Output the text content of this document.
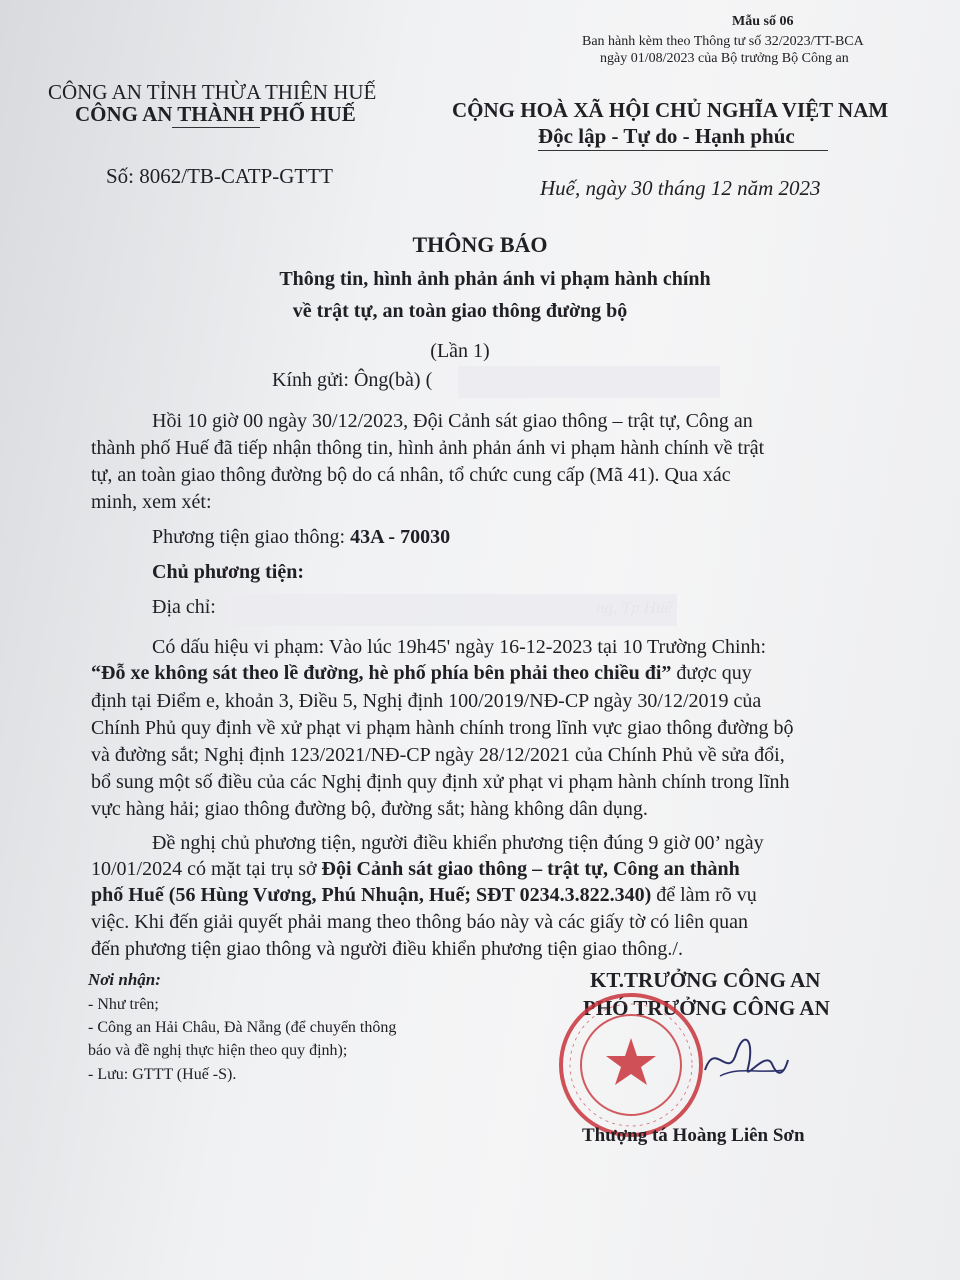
Mẫu số 06
Ban hành kèm theo Thông tư số 32/2023/TT-BCA
ngày 01/08/2023 của Bộ trưởng Bộ Công an
CÔNG AN TỈNH THỪA THIÊN HUẾ
CÔNG AN THÀNH PHỐ HUẾ	CỘNG HOÀ XÃ HỘI CHỦ NGHĨA VIỆT NAM
Độc lập - Tự do - Hạnh phúc
Số: 8062/TB-CATP-GTTT	Huế, ngày 30 tháng 12 năm 2023
THÔNG BÁO
Thông tin, hình ảnh phản ánh vi phạm hành chính
về trật tự, an toàn giao thông đường bộ
(Lần 1)
Kính gửi: Ông(bà) (
Hồi 10 giờ 00 ngày 30/12/2023, Đội Cảnh sát giao thông – trật tự, Công an
thành phố Huế đã tiếp nhận thông tin, hình ảnh phản ánh vi phạm hành chính về trật
tự, an toàn giao thông đường bộ do cá nhân, tổ chức cung cấp (Mã 41). Qua xác
minh, xem xét:
Phương tiện giao thông: 43A - 70030
Chủ phương tiện:
Địa chỉ:
Có dấu hiệu vi phạm: Vào lúc 19h45' ngày 16-12-2023 tại 10 Trường Chinh:
“Đỗ xe không sát theo lề đường, hè phố phía bên phải theo chiều đi” được quy
định tại Điểm e, khoản 3, Điều 5, Nghị định 100/2019/NĐ-CP ngày 30/12/2019 của
Chính Phủ quy định về xử phạt vi phạm hành chính trong lĩnh vực giao thông đường bộ
và đường sắt; Nghị định 123/2021/NĐ-CP ngày 28/12/2021 của Chính Phủ về sửa đổi,
bổ sung một số điều của các Nghị định quy định xử phạt vi phạm hành chính trong lĩnh
vực hàng hải; giao thông đường bộ, đường sắt; hàng không dân dụng.
Đề nghị chủ phương tiện, người điều khiển phương tiện đúng 9 giờ 00’ ngày
10/01/2024 có mặt tại trụ sở Đội Cảnh sát giao thông – trật tự, Công an thành
phố Huế (56 Hùng Vương, Phú Nhuận, Huế; SĐT 0234.3.822.340) để làm rõ vụ
việc. Khi đến giải quyết phải mang theo thông báo này và các giấy tờ có liên quan
đến phương tiện giao thông và người điều khiển phương tiện giao thông./.
Nơi nhận:
- Như trên;
- Công an Hải Châu, Đà Nẵng (để chuyển thông
báo và đề nghị thực hiện theo quy định);
- Lưu: GTTT (Huế -S).
KT.TRƯỞNG CÔNG AN
PHÓ TRƯỞNG CÔNG AN
Thượng tá Hoàng Liên Sơn
